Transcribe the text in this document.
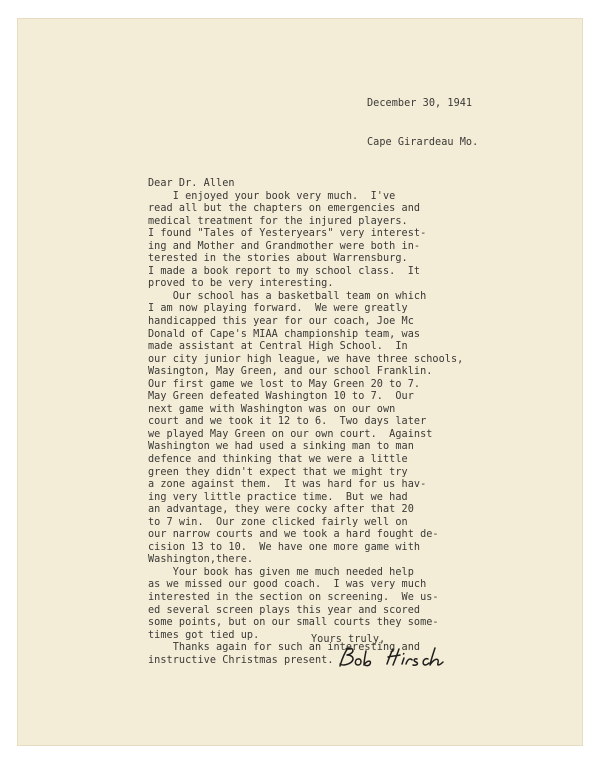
December 30, 1941

Cape Girardeau Mo.

Dear Dr. Allen
I enjoyed your book very much.  I've
read all but the chapters on emergencies and
medical treatment for the injured players.
I found "Tales of Yesteryears" very interest-
ing and Mother and Grandmother were both in-
terested in the stories about Warrensburg.
I made a book report to my school class.  It
proved to be very interesting.
Our school has a basketball team on which
I am now playing forward.  We were greatly
handicapped this year for our coach, Joe Mc
Donald of Cape's MIAA championship team, was
made assistant at Central High School.  In
our city junior high league, we have three schools,
Wasington, May Green, and our school Franklin.
Our first game we lost to May Green 20 to 7.
May Green defeated Washington 10 to 7.  Our
next game with Washington was on our own
court and we took it 12 to 6.  Two days later
we played May Green on our own court.  Against
Washington we had used a sinking man to man
defence and thinking that we were a little
green they didn't expect that we might try
a zone against them.  It was hard for us hav-
ing very little practice time.  But we had
an advantage, they were cocky after that 20
to 7 win.  Our zone clicked fairly well on
our narrow courts and we took a hard fought de-
cision 13 to 10.  We have one more game with
Washington,there.
Your book has given me much needed help
as we missed our good coach.  I was very much
interested in the section on screening.  We us-
ed several screen plays this year and scored
some points, but on our small courts they some-
times got tied up.
Thanks again for such an interesting and
instructive Christmas present.
Yours truly,
